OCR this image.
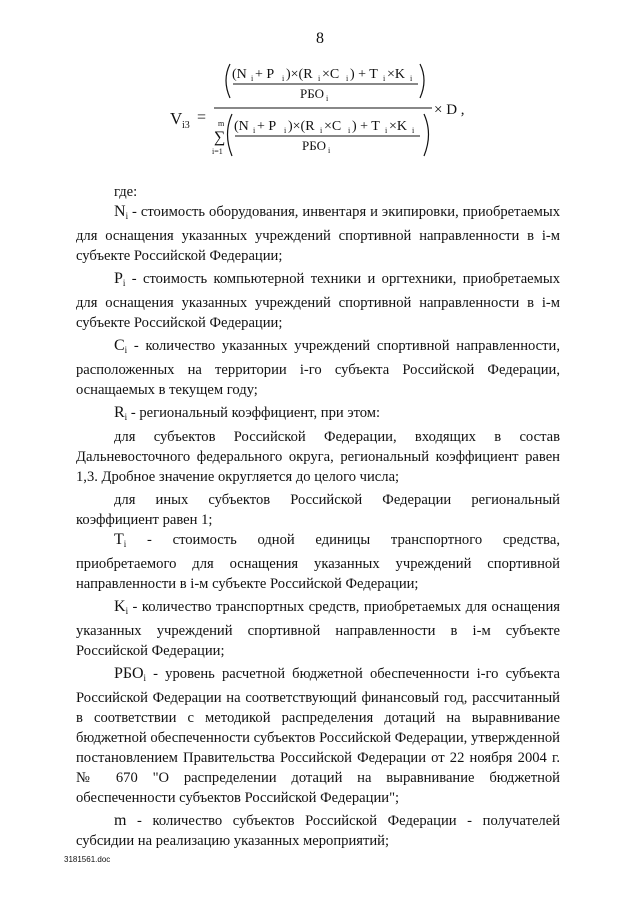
8
V i3 =
(N i + P i )×(R i ×C i ) + T i ×K i
РБО i
m
∑
i=1
(N i + P i )×(R i ×C i ) + T i ×K i
РБО i
× D ,

где:

$N_i$ - стоимость оборудования, инвентаря и экипировки, приобретаемых для оснащения указанных учреждений спортивной направленности в i-м субъекте Российской Федерации;

$P_i$ - стоимость компьютерной техники и оргтехники, приобретаемых для оснащения указанных учреждений спортивной направленности в i-м субъекте Российской Федерации;

$C_i$ - количество указанных учреждений спортивной направленности, расположенных на территории i-го субъекта Российской Федерации, оснащаемых в текущем году;

$R_i$ - региональный коэффициент, при этом:

для субъектов Российской Федерации, входящих в состав Дальневосточного федерального округа, региональный коэффициент равен 1,3. Дробное значение округляется до целого числа;

для иных субъектов Российской Федерации региональный коэффициент равен 1;

$T_i$ - стоимость одной единицы транспортного средства, приобретаемого для оснащения указанных учреждений спортивной направленности в i-м субъекте Российской Федерации;

$K_i$ - количество транспортных средств, приобретаемых для оснащения указанных учреждений спортивной направленности в i-м субъекте Российской Федерации;

$РБО_i$ - уровень расчетной бюджетной обеспеченности i-го субъекта Российской Федерации на соответствующий финансовый год, рассчитанный в соответствии с методикой распределения дотаций на выравнивание бюджетной обеспеченности субъектов Российской Федерации, утвержденной постановлением Правительства Российской Федерации от 22 ноября 2004 г. № 670 "О распределении дотаций на выравнивание бюджетной обеспеченности субъектов Российской Федерации";

m - количество субъектов Российской Федерации - получателей субсидии на реализацию указанных мероприятий;

3181561.doc
